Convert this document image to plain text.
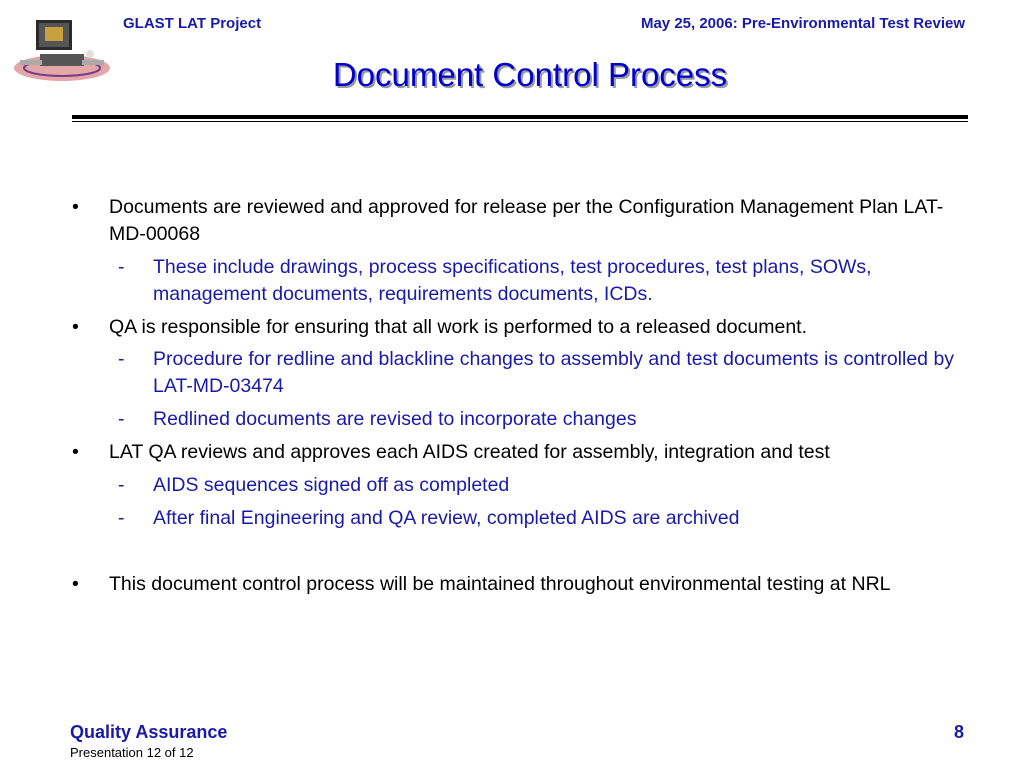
GLAST LAT Project	May 25, 2006: Pre-Environmental Test Review
Document Control Process
• Documents are reviewed and approved for release per the Configuration Management Plan LAT-MD-00068
- These include drawings, process specifications, test procedures, test plans, SOWs, management documents, requirements documents, ICDs.
• QA is responsible for ensuring that all work is performed to a released document.
- Procedure for redline and blackline changes to assembly and test documents is controlled by LAT-MD-03474
- Redlined documents are revised to incorporate changes
• LAT QA reviews and approves each AIDS created for assembly, integration and test
- AIDS sequences signed off as completed
- After final Engineering and QA review, completed AIDS are archived
• This document control process will be maintained throughout environmental testing at NRL
Quality Assurance
Presentation 12 of 12
8
